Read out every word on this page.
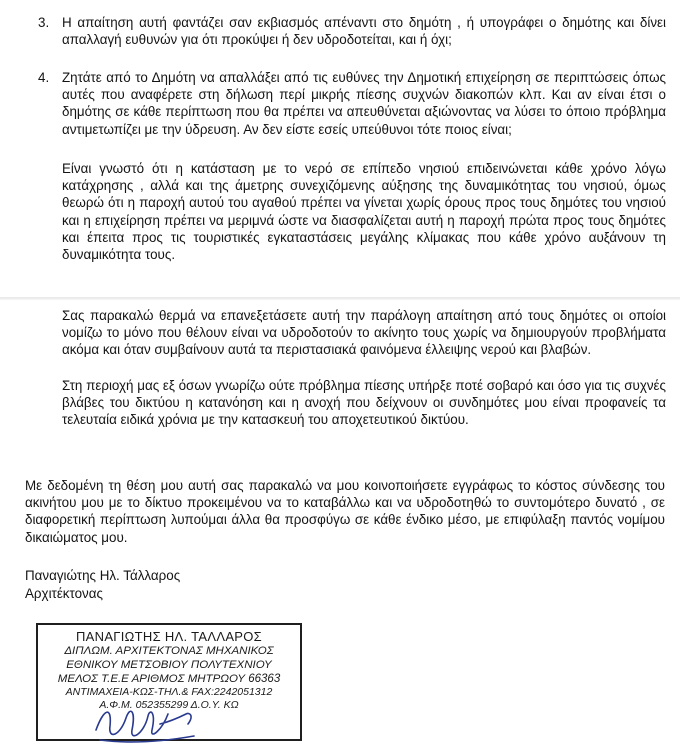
3. Η απαίτηση αυτή φαντάζει σαν εκβιασμός απέναντι στο δημότη , ή υπογράφει ο δημότης και δίνει απαλλαγή ευθυνών για ότι προκύψει ή δεν υδροδοτείται, και ή όχι;

4. Ζητάτε από το Δημότη να απαλλάξει από τις ευθύνες την Δημοτική επιχείρηση σε περιπτώσεις όπως αυτές που αναφέρετε στη δήλωση περί μικρής πίεσης συχνών διακοπών κλπ. Και αν είναι έτσι ο δημότης σε κάθε περίπτωση που θα πρέπει να απευθύνεται αξιώνοντας να λύσει το όποιο πρόβλημα αντιμετωπίζει με την ύδρευση. Αν δεν είστε εσείς υπεύθυνοι τότε ποιος είναι;

Είναι γνωστό ότι η κατάσταση με το νερό σε επίπεδο νησιού επιδεινώνεται κάθε χρόνο λόγω κατάχρησης , αλλά και της άμετρης συνεχιζόμενης αύξησης της δυναμικότητας του νησιού, όμως θεωρώ ότι η παροχή αυτού του αγαθού πρέπει να γίνεται χωρίς όρους προς τους δημότες του νησιού και η επιχείρηση πρέπει να μεριμνά ώστε να διασφαλίζεται αυτή η παροχή πρώτα προς τους δημότες και έπειτα προς τις τουριστικές εγκαταστάσεις μεγάλης κλίμακας που κάθε χρόνο αυξάνουν τη δυναμικότητα τους.

Σας παρακαλώ θερμά να επανεξετάσετε αυτή την παράλογη απαίτηση από τους δημότες οι οποίοι νομίζω το μόνο που θέλουν είναι να υδροδοτούν το ακίνητο τους χωρίς να δημιουργούν προβλήματα ακόμα και όταν συμβαίνουν αυτά τα περιστασιακά φαινόμενα έλλειψης νερού και βλαβών.

Στη περιοχή μας εξ όσων γνωρίζω ούτε πρόβλημα πίεσης υπήρξε ποτέ σοβαρό και όσο για τις συχνές βλάβες του δικτύου η κατανόηση και η ανοχή που δείχνουν οι συνδημότες μου είναι προφανείς τα τελευταία ειδικά χρόνια με την κατασκευή του αποχετευτικού δικτύου.

Με δεδομένη τη θέση μου αυτή σας παρακαλώ να μου κοινοποιήσετε εγγράφως το κόστος σύνδεσης του ακινήτου μου με το δίκτυο προκειμένου να το καταβάλλω και να υδροδοτηθώ το συντομότερο δυνατό , σε διαφορετική περίπτωση λυπούμαι άλλα θα προσφύγω σε κάθε ένδικο μέσο, με επιφύλαξη παντός νομίμου δικαιώματος μου.

Παναγιώτης Ηλ. Τάλλαρος
Αρχιτέκτονας
ΠΑΝΑΓΙΩΤΗΣ ΗΛ. ΤΑΛΛΑΡΟΣ
ΔΙΠΛΩΜ. ΑΡΧΙΤΕΚΤΟΝΑΣ ΜΗΧΑΝΙΚΟΣ
ΕΘΝΙΚΟΥ ΜΕΤΣΟΒΙΟΥ ΠΟΛΥΤΕΧΝΙΟΥ
ΜΕΛΟΣ Τ.Ε.Ε ΑΡΙΘΜΟΣ ΜΗΤΡΩΟΥ 66363
ΑΝΤΙΜΑΧΕΙΑ-ΚΩΣ-ΤΗΛ.& FAX:2242051312
Α.Φ.Μ. 052355299 Δ.Ο.Υ. ΚΩ
